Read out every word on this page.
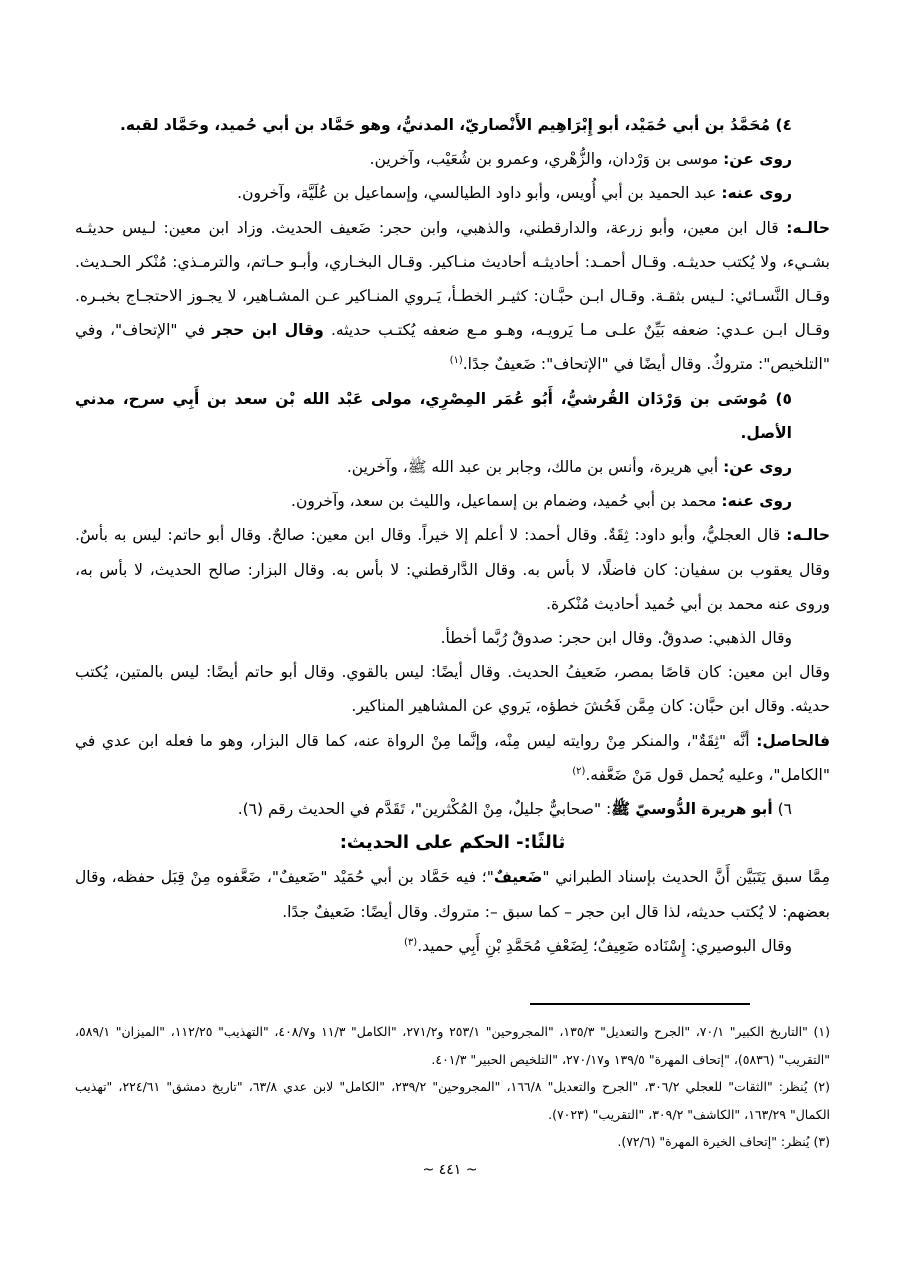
٤) مُحَمَّدُ بن أبي حُمَيْد، أبو إِبْرَاهِيم الأَنْصاريّ، المدنيُّ، وهو حَمَّاد بن أبي حُميد، وحَمَّاد لقبه.

روى عن: موسى بن وَرْدان، والزُّهْري، وعمرو بن شُعَيْب، وآخرين.

روى عنه: عبد الحميد بن أبي أُويس، وأبو داود الطيالسي، وإسماعيل بن عُلَيَّة، وآخرون.

حالـه: قال ابن معين، وأبو زرعة، والدارقطني، والذهبي، وابن حجر: ضَعيف الحديث. وزاد ابن معين: لـيس حديثـه بشـيء، ولا يُكتب حديثـه. وقـال أحمـد: أحاديثـه أحاديث منـاكير. وقـال البخـاري، وأبـو حـاتم، والترمـذي: مُنْكر الحـديث. وقـال النَّسـائي: لـيس بثقـة. وقـال ابـن حبَّـان: كثيـر الخطـأ، يَـروي المنـاكير عـن المشـاهير، لا يجـوز الاحتجـاج بخبـره. وقـال ابـن عـدي: ضعفه بَيِّنٌ علـى مـا يَرويـه، وهـو مـع ضعفه يُكتـب حديثه. وقال ابن حجر في "الإتحاف"، وفي "التلخيص": متروكٌ. وقال أيضًا في "الإتحاف": ضَعيفٌ جدًا.$^{(١)}$

٥) مُوسَى بن وَرْدَان القُرشيُّ، أَبُو عُمَر المِصْرِي، مولى عَبْد الله بْن سعد بن أَبِي سرح، مدني الأصل.

روى عن: أبي هريرة، وأنس بن مالك، وجابر بن عبد الله ﷺ، وآخرين.

روى عنه: محمد بن أبي حُميد، وضمام بن إسماعيل، والليث بن سعد، وآخرون.

حالـه: قال العجليُّ، وأبو داود: ثِقَةٌ. وقال أحمد: لا أعلم إلا خيراً. وقال ابن معين: صالحٌ. وقال أبو حاتم: ليس به بأسٌ. وقال يعقوب بن سفيان: كان فاضلًا، لا بأس به. وقال الدَّارقطني: لا بأس به. وقال البزار: صالح الحديث، لا بأس به، وروى عنه محمد بن أبي حُميد أحاديث مُنْكرة.

وقال الذهبي: صدوقٌ. وقال ابن حجر: صدوقٌ رُبَّما أخطأ.

وقال ابن معين: كان قاصًا بمصر، ضَعيفُ الحديث. وقال أيضًا: ليس بالقوي. وقال أبو حاتم أيضًا: ليس بالمتين، يُكتب حديثه. وقال ابن حبَّان: كان مِمَّن فَحُشَ خطؤه، يَروي عن المشاهير المناكير.

فالحاصل: أنَّه "ثِقَةٌ"، والمنكر مِنْ روايته ليس مِنْه، وإنَّما مِنْ الرواة عنه، كما قال البزار، وهو ما فعله ابن عدي في "الكامل"، وعليه يُحمل قول مَنْ ضَعَّفه.$^{(٢)}$

٦) أبو هريرة الدُّوسيّ ﷺ: "صحابيٌّ جليلٌ، مِنْ المُكْثرين"، تَقَدَّم في الحديث رقم (٦).

ثالثًا:- الحكم على الحديث:

مِمَّا سبق يَتَبَيَّن أَنَّ الحديث بإسناد الطبراني "ضَعيفٌ"؛ فيه حَمَّاد بن أبي حُمَيْد "ضَعيفٌ"، ضَعَّفوه مِنْ قِبَل حفظه، وقال بعضهم: لا يُكتب حديثه، لذا قال ابن حجر – كما سبق –: متروك. وقال أيضًا: ضَعيفٌ جدًا.

وقال البوصيري: إِسْنَاده ضَعِيفٌ؛ لِضَعْفِ مُحَمَّدِ بْنِ أَبِي حميد.$^{(٣)}$

(١) "التاريخ الكبير" ٧٠/١، "الجرح والتعديل" ١٣٥/٣، "المجروحين" ٢٥٣/١ و٢٧١/٢، "الكامل" ١١/٣ و٤٠٨/٧، "التهذيب" ١١٢/٢٥، "الميزان" ٥٨٩/١، "التقريب" (٥٨٣٦)، "إتحاف المهرة" ١٣٩/٥ و٢٧٠/١٧، "التلخيص الحبير" ٤٠١/٣.

(٢) يُنظر: "الثقات" للعجلي ٣٠٦/٢، "الجرح والتعديل" ١٦٦/٨، "المجروحين" ٢٣٩/٢، "الكامل" لابن عدي ٦٣/٨، "تاريخ دمشق" ٢٢٤/٦١، "تهذيب الكمال" ١٦٣/٢٩، "الكاشف" ٣٠٩/٢، "التقريب" (٧٠٢٣).

(٣) يُنظر: "إتحاف الخيرة المهرة" (٧٢/٦).

~ ٤٤١ ~
